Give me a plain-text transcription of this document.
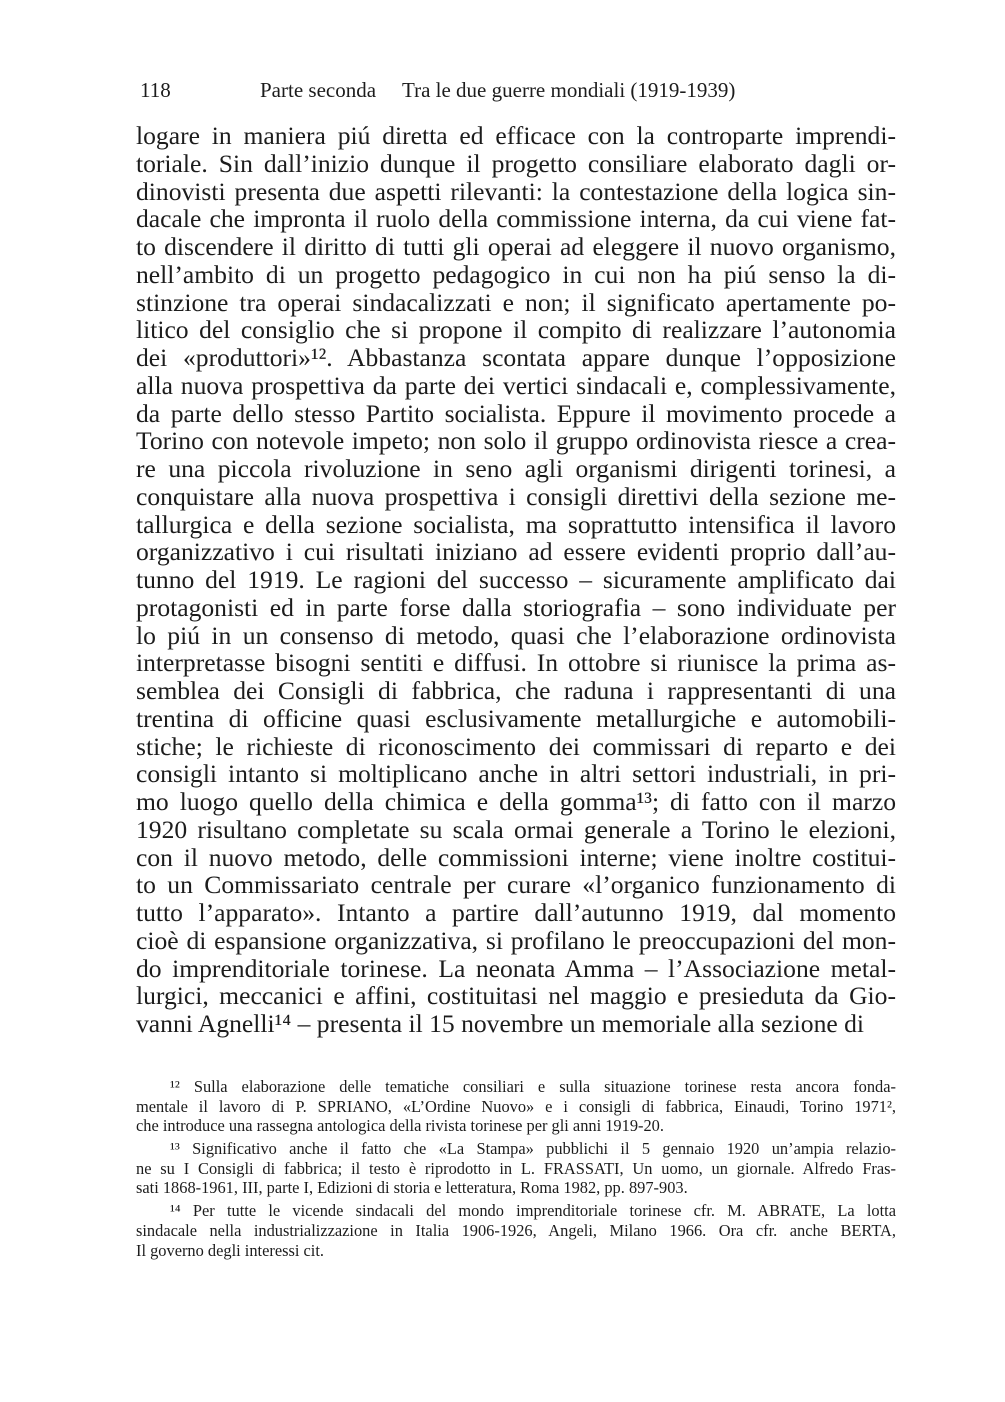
118	Parte seconda Tra le due guerre mondiali (1919-1939)
logare in maniera piú diretta ed efficace con la controparte imprendi-
toriale. Sin dall’inizio dunque il progetto consiliare elaborato dagli or-
dinovisti presenta due aspetti rilevanti: la contestazione della logica sin-
dacale che impronta il ruolo della commissione interna, da cui viene fat-
to discendere il diritto di tutti gli operai ad eleggere il nuovo organismo,
nell’ambito di un progetto pedagogico in cui non ha piú senso la di-
stinzione tra operai sindacalizzati e non; il significato apertamente po-
litico del consiglio che si propone il compito di realizzare l’autonomia
dei «produttori»¹². Abbastanza scontata appare dunque l’opposizione
alla nuova prospettiva da parte dei vertici sindacali e, complessivamente,
da parte dello stesso Partito socialista. Eppure il movimento procede a
Torino con notevole impeto; non solo il gruppo ordinovista riesce a crea-
re una piccola rivoluzione in seno agli organismi dirigenti torinesi, a
conquistare alla nuova prospettiva i consigli direttivi della sezione me-
tallurgica e della sezione socialista, ma soprattutto intensifica il lavoro
organizzativo i cui risultati iniziano ad essere evidenti proprio dall’au-
tunno del 1919. Le ragioni del successo – sicuramente amplificato dai
protagonisti ed in parte forse dalla storiografia – sono individuate per
lo piú in un consenso di metodo, quasi che l’elaborazione ordinovista
interpretasse bisogni sentiti e diffusi. In ottobre si riunisce la prima as-
semblea dei Consigli di fabbrica, che raduna i rappresentanti di una
trentina di officine quasi esclusivamente metallurgiche e automobili-
stiche; le richieste di riconoscimento dei commissari di reparto e dei
consigli intanto si moltiplicano anche in altri settori industriali, in pri-
mo luogo quello della chimica e della gomma¹³; di fatto con il marzo
1920 risultano completate su scala ormai generale a Torino le elezioni,
con il nuovo metodo, delle commissioni interne; viene inoltre costitui-
to un Commissariato centrale per curare «l’organico funzionamento di
tutto l’apparato». Intanto a partire dall’autunno 1919, dal momento
cioè di espansione organizzativa, si profilano le preoccupazioni del mon-
do imprenditoriale torinese. La neonata Amma – l’Associazione metal-
lurgici, meccanici e affini, costituitasi nel maggio e presieduta da Gio-
vanni Agnelli¹⁴ – presenta il 15 novembre un memoriale alla sezione di
¹² Sulla elaborazione delle tematiche consiliari e sulla situazione torinese resta ancora fonda-
mentale il lavoro di P. SPRIANO, «L’Ordine Nuovo» e i consigli di fabbrica, Einaudi, Torino 1971²,
che introduce una rassegna antologica della rivista torinese per gli anni 1919-20.
¹³ Significativo anche il fatto che «La Stampa» pubblichi il 5 gennaio 1920 un’ampia relazio-
ne su I Consigli di fabbrica; il testo è riprodotto in L. FRASSATI, Un uomo, un giornale. Alfredo Fras-
sati 1868-1961, III, parte I, Edizioni di storia e letteratura, Roma 1982, pp. 897-903.
¹⁴ Per tutte le vicende sindacali del mondo imprenditoriale torinese cfr. M. ABRATE, La lotta
sindacale nella industrializzazione in Italia 1906-1926, Angeli, Milano 1966. Ora cfr. anche BERTA,
Il governo degli interessi cit.
